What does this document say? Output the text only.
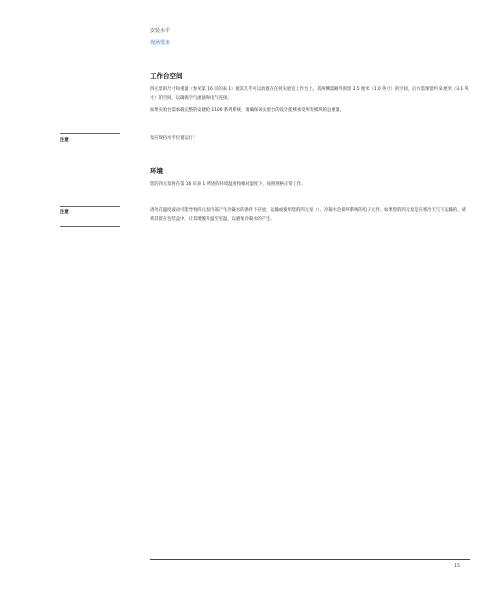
安装水平
现场要求
工作台空间

四元泵的尺寸和重量（参见第 16 页的表 1）使其几乎可以放置在任何实验室工作台上。其两侧需额外预留 2.5 厘米（1.0 英寸）的空间，后方需预留约 8 厘米（3.1 英寸）的空间，以确保空气流通和电气连接。

如果实验台需承载完整的安捷伦 1100 系列系统，请确保该实验台的设计能够承受所有模块的总重量。

注意	泵应保持水平位置运行！

环境

您的四元泵将在第 16 页表 1 所述的环境温度和相对湿度下，按照规格正常工作。

注意	请勿在温度波动可能导致四元泵内部产生冷凝水的条件下存放、运输或使用您的四元泵（）。冷凝水会损坏系统的电子元件。如果您的四元泵是在寒冷天气下运输的，请将其留在包装盒中，让其缓慢升温至室温，以避免冷凝水的产生。

15
